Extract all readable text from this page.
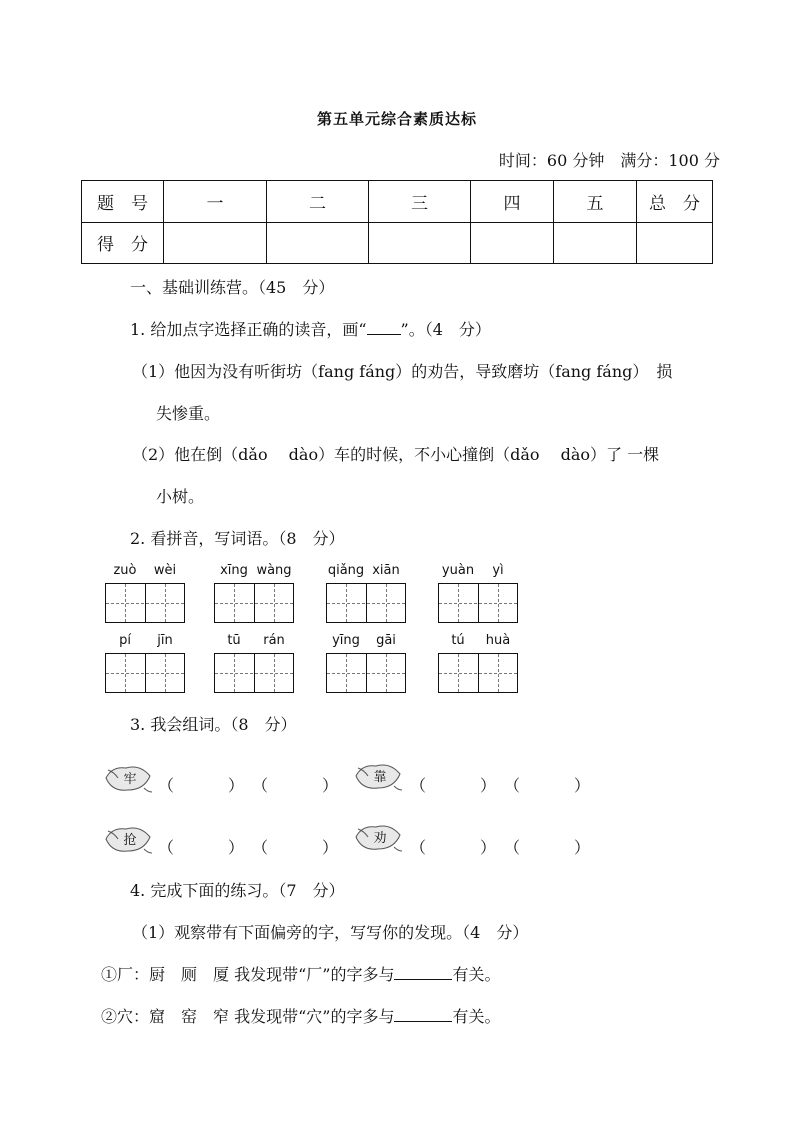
第五单元综合素质达标
时间：60 分钟　满分：100 分
题　号	一	二	三	四	五	总　分
得　分						
一、基础训练营。（45　分）
1. 给加点字选择正确的读音，画“ ”。（4　分）
（1）他因为没有听街坊（fang fáng）的劝告，导致磨坊（fang fáng）　损
失惨重。
（2）他在倒（dǎo　 dào）车的时候，不小心撞倒（dǎo　 dào）了 一棵
小树。
2. 看拼音，写词语。（8　分）
zuò	wèi	xīng wàng	qiǎng xiān	yuàn	yì
pí	jīn	tū	rán	yīng	gāi	tú	huà
3. 我会组词。（8　分）
牢	靠
抢	劝
（	） （	）	（	） （	）
（	） （	）	（	） （	）
4. 完成下面的练习。（7　分）
（1）观察带有下面偏旁的字，写写你的发现。（4　分）
①厂：厨　厕　厦 我发现带“厂”的字多与	有关。
②穴：窟　窑　窄 我发现带“穴”的字多与	有关。
